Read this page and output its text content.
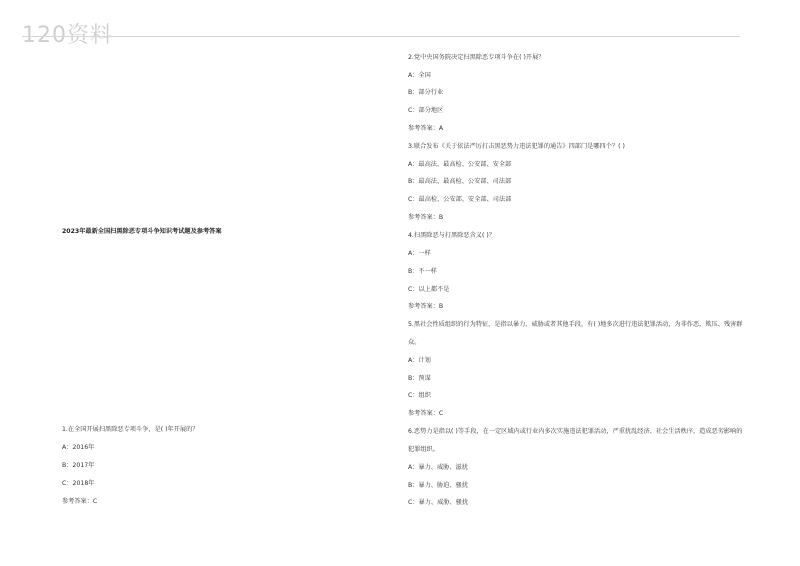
120资料
2023年最新全国扫黑除恶专项斗争知识考试题及参考答案
1.在全国开展扫黑除恶专项斗争，是( )年开展的？
A：2016年
B：2017年
C：2018年
参考答案：C
2.党中央国务院决定扫黑除恶专项斗争在( )开展？
A：全国
B：部分行业
C：部分地区
参考答案：A
3.联合发布《关于依法严厉打击黑恶势力违法犯罪的通告》四部门是哪四个？( )
A：最高法、最高检、公安部、安全部
B：最高法、最高检、公安部、司法部
C：最高检、公安部、安全部、司法部
参考答案：B
4.扫黑除恶与打黑除恶含义( )？
A：一样
B：不一样
C：以上都不是
参考答案：B
5.黑社会性质组织的行为特征，是指以暴力、威胁或者其他手段，有( )地多次进行违法犯罪活动，为非作恶，欺压、残害群
众。
A：计划
B：预谋
C：组织
参考答案：C
6.恶势力是指以( )等手段，在一定区域内或行业内多次实施违法犯罪活动，严重扰乱经济、社会生活秩序，造成恶劣影响的
犯罪组织。
A：暴力、威胁、滋扰
B：暴力、胁迫、骚扰
C：暴力、威胁、骚扰
